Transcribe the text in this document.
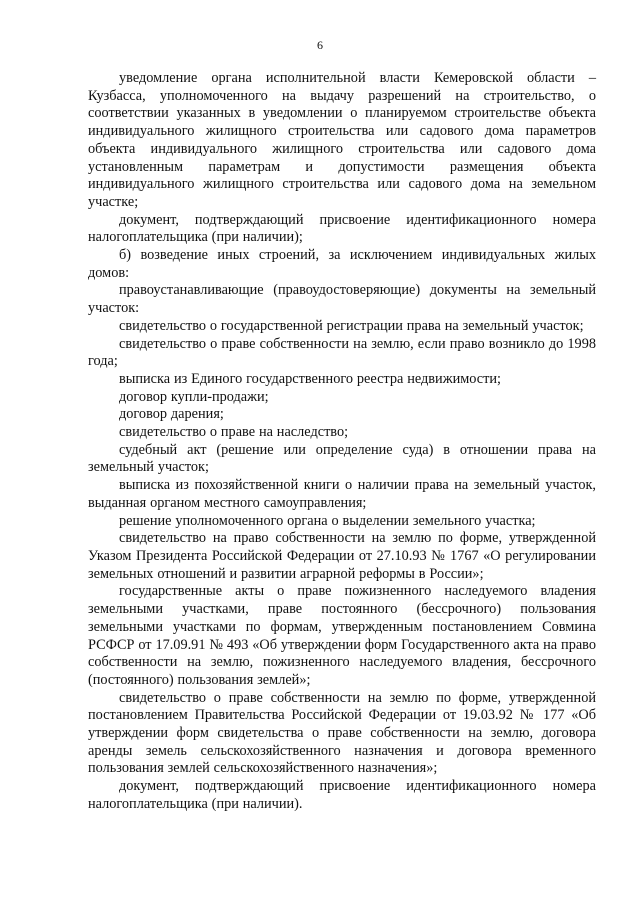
6

уведомление органа исполнительной власти Кемеровской области – Кузбасса, уполномоченного на выдачу разрешений на строительство, о соответствии указанных в уведомлении о планируемом строительстве объекта индивидуального жилищного строительства или садового дома параметров объекта индивидуального жилищного строительства или садового дома установленным параметрам и допустимости размещения объекта индивидуального жилищного строительства или садового дома на земельном участке;

документ, подтверждающий присвоение идентификационного номера налогоплательщика (при наличии);

б) возведение иных строений, за исключением индивидуальных жилых домов:

правоустанавливающие (правоудостоверяющие) документы на земельный участок:

свидетельство о государственной регистрации права на земельный участок;

свидетельство о праве собственности на землю, если право возникло до 1998 года;

выписка из Единого государственного реестра недвижимости;

договор купли-продажи;

договор дарения;

свидетельство о праве на наследство;

судебный акт (решение или определение суда) в отношении права на земельный участок;

выписка из похозяйственной книги о наличии права на земельный участок, выданная органом местного самоуправления;

решение уполномоченного органа о выделении земельного участка;

свидетельство на право собственности на землю по форме, утвержденной Указом Президента Российской Федерации от 27.10.93 № 1767 «О регулировании земельных отношений и развитии аграрной реформы в России»;

государственные акты о праве пожизненного наследуемого владения земельными участками, праве постоянного (бессрочного) пользования земельными участками по формам, утвержденным постановлением Совмина РСФСР от 17.09.91 № 493 «Об утверждении форм Государственного акта на право собственности на землю, пожизненного наследуемого владения, бессрочного (постоянного) пользования землей»;

свидетельство о праве собственности на землю по форме, утвержденной постановлением Правительства Российской Федерации от 19.03.92 № 177 «Об утверждении форм свидетельства о праве собственности на землю, договора аренды земель сельскохозяйственного назначения и договора временного пользования землей сельскохозяйственного назначения»;

документ, подтверждающий присвоение идентификационного номера налогоплательщика (при наличии).
